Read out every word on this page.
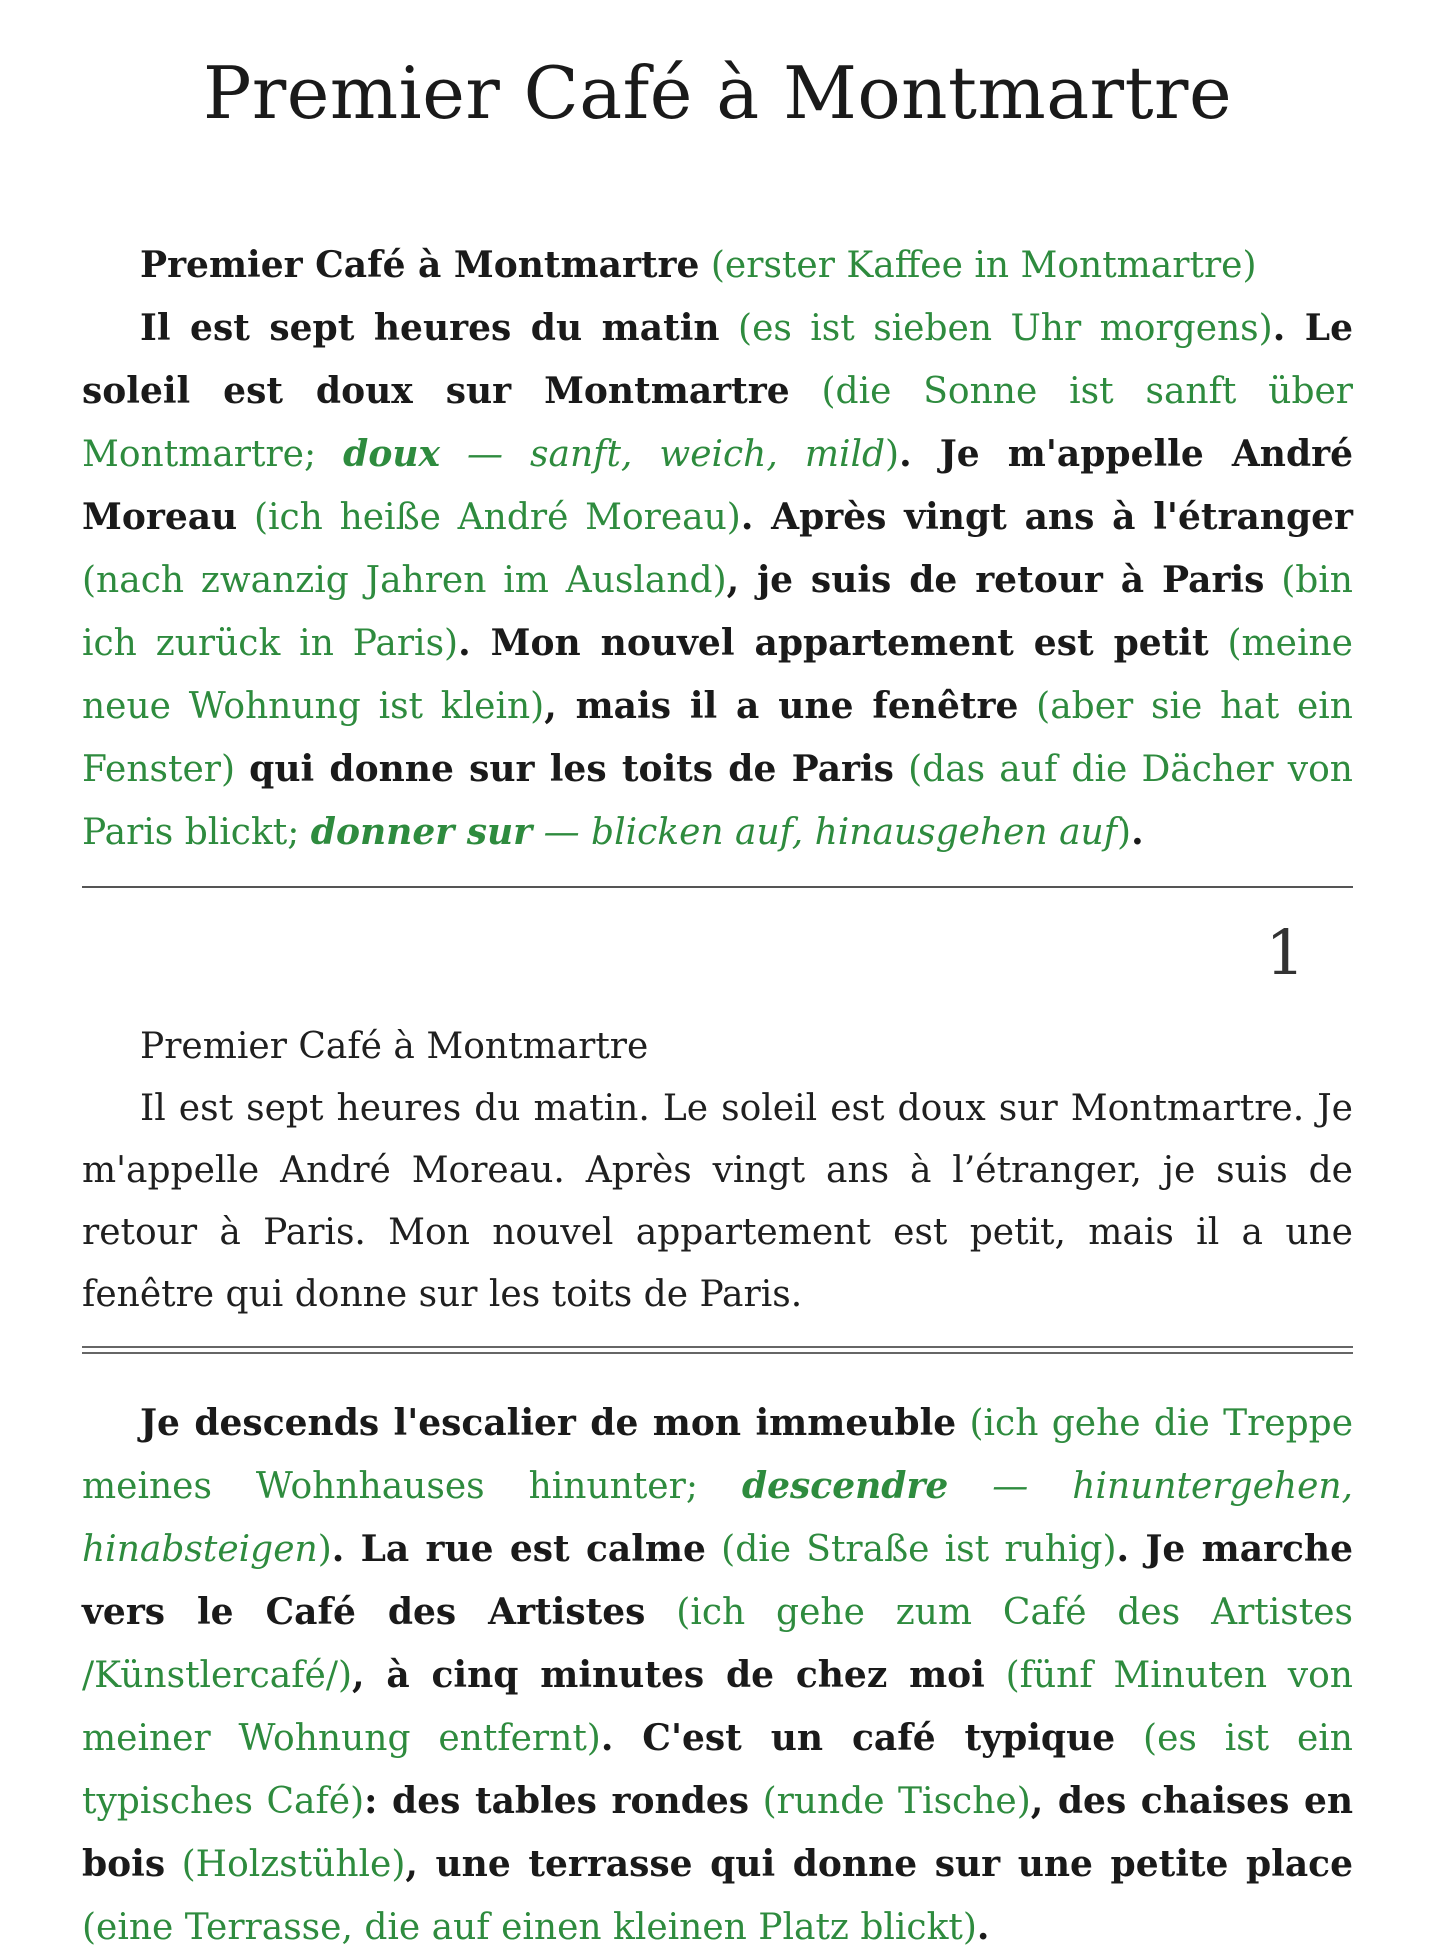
Premier Café à Montmartre

Premier Café à Montmartre (erster Kaffee in Montmartre)

Il est sept heures du matin (es ist sieben Uhr morgens). Le soleil est doux sur Montmartre (die Sonne ist sanft über Montmartre; doux — sanft, weich, mild). Je m'appelle André Moreau (ich heiße André Moreau). Après vingt ans à l'étranger (nach zwanzig Jahren im Ausland), je suis de retour à Paris (bin ich zurück in Paris). Mon nouvel appartement est petit (meine neue Wohnung ist klein), mais il a une fenêtre (aber sie hat ein Fenster) qui donne sur les toits de Paris (das auf die Dächer von Paris blickt; donner sur — blicken auf, hinausgehen auf).

1

Premier Café à Montmartre

Il est sept heures du matin. Le soleil est doux sur Montmartre. Je m'appelle André Moreau. Après vingt ans à l’étranger, je suis de retour à Paris. Mon nouvel appartement est petit, mais il a une fenêtre qui donne sur les toits de Paris.

Je descends l'escalier de mon immeuble (ich gehe die Treppe meines Wohnhauses hinunter; descendre — hinuntergehen, hinabsteigen). La rue est calme (die Straße ist ruhig). Je marche vers le Café des Artistes (ich gehe zum Café des Artistes /Künstlercafé/), à cinq minutes de chez moi (fünf Minuten von meiner Wohnung entfernt). C'est un café typique (es ist ein typisches Café): des tables rondes (runde Tische), des chaises en bois (Holzstühle), une terrasse qui donne sur une petite place (eine Terrasse, die auf einen kleinen Platz blickt).
